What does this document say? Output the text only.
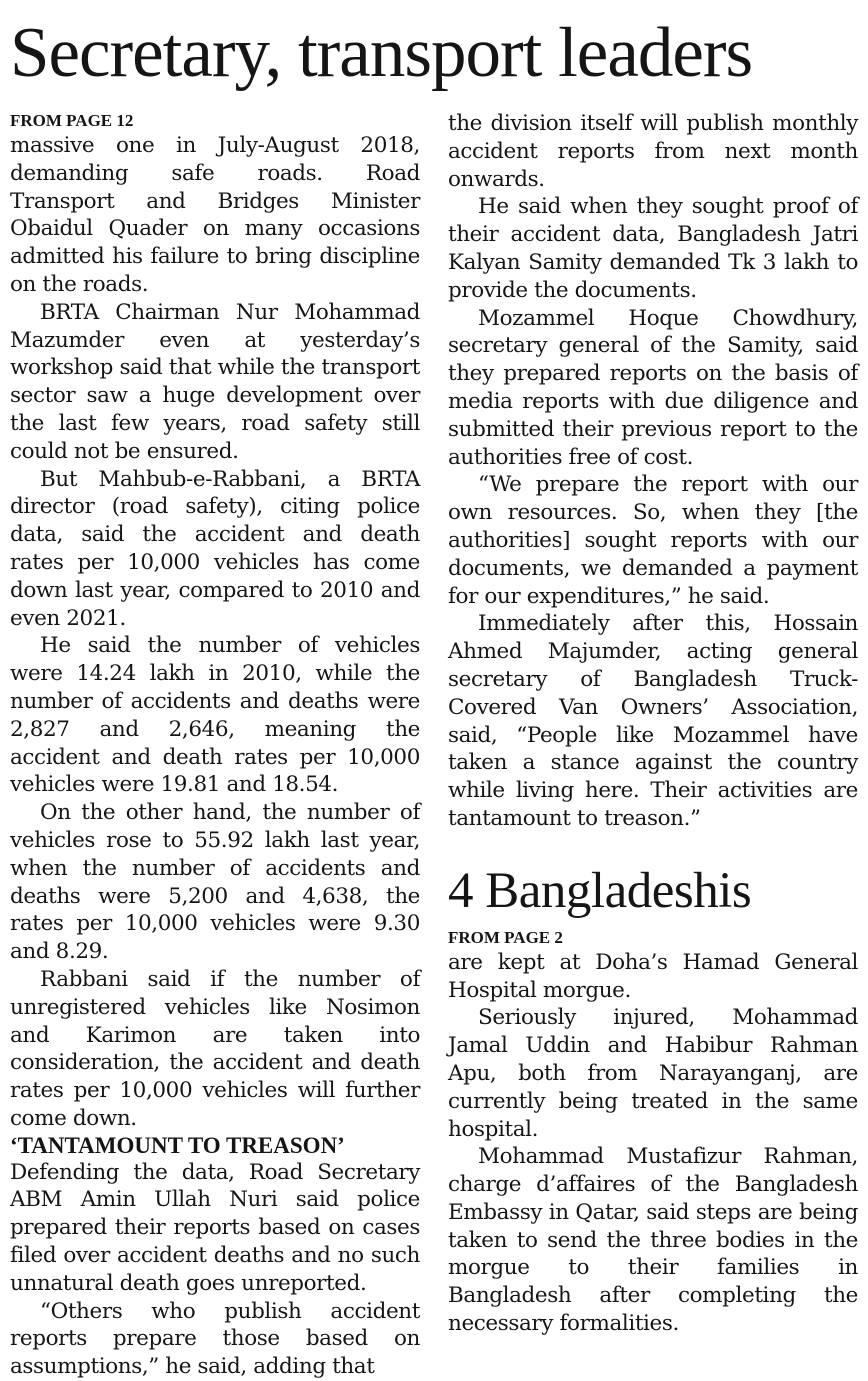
Secretary, transport leaders
FROM PAGE 12

massive one in July-August 2018, demanding safe roads. Road Transport and Bridges Minister Obaidul Quader on many occasions admitted his failure to bring discipline on the roads.

BRTA Chairman Nur Mohammad Mazumder even at yesterday’s workshop said that while the transport sector saw a huge development over the last few years, road safety still could not be ensured.

But Mahbub-e-Rabbani, a BRTA director (road safety), citing police data, said the accident and death rates per 10,000 vehicles has come down last year, compared to 2010 and even 2021.

He said the number of vehicles were 14.24 lakh in 2010, while the number of accidents and deaths were 2,827 and 2,646, meaning the accident and death rates per 10,000 vehicles were 19.81 and 18.54.

On the other hand, the number of vehicles rose to 55.92 lakh last year, when the number of accidents and deaths were 5,200 and 4,638, the rates per 10,000 vehicles were 9.30 and 8.29.

Rabbani said if the number of unregistered vehicles like Nosimon and Karimon are taken into consideration, the accident and death rates per 10,000 vehicles will further come down.

‘TANTAMOUNT TO TREASON’

Defending the data, Road Secretary ABM Amin Ullah Nuri said police prepared their reports based on cases filed over accident deaths and no such unnatural death goes unreported.

“Others who publish accident reports prepare those based on assumptions,” he said, adding that

the division itself will publish monthly accident reports from next month onwards.

He said when they sought proof of their accident data, Bangladesh Jatri Kalyan Samity demanded Tk 3 lakh to provide the documents.

Mozammel Hoque Chowdhury, secretary general of the Samity, said they prepared reports on the basis of media reports with due diligence and submitted their previous report to the authorities free of cost.

“We prepare the report with our own resources. So, when they [the authorities] sought reports with our documents, we demanded a payment for our expenditures,” he said.

Immediately after this, Hossain Ahmed Majumder, acting general secretary of Bangladesh Truck-Covered Van Owners’ Association, said, “People like Mozammel have taken a stance against the country while living here. Their activities are tantamount to treason.”

4 Bangladeshis
FROM PAGE 2

are kept at Doha’s Hamad General Hospital morgue.

Seriously injured, Mohammad Jamal Uddin and Habibur Rahman Apu, both from Narayanganj, are currently being treated in the same hospital.

Mohammad Mustafizur Rahman, charge d’affaires of the Bangladesh Embassy in Qatar, said steps are being taken to send the three bodies in the morgue to their families in Bangladesh after completing the necessary formalities.
